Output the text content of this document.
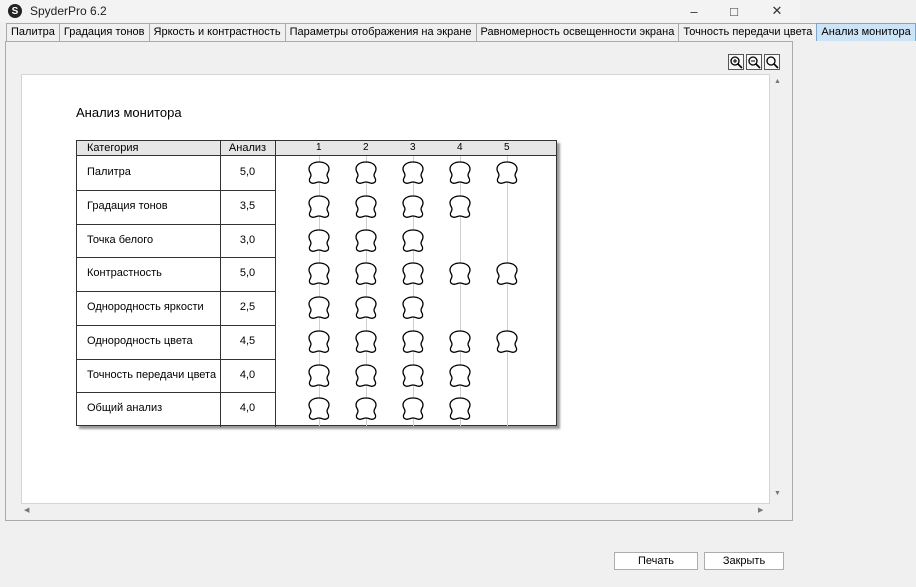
S SpyderPro 6.2	–	□	✕
Палитра Градация тонов Яркость и контрастность Параметры отображения на экране Равномерность освещенности экрана Точность передачи цвета Анализ монитора
▲
▼
◀	▶
Анализ монитора
Категория	Анализ	1	2	3	4	5
Палитра	5,0
Градация тонов	3,5
Точка белого	3,0
Контрастность	5,0
Однородность яркости	2,5
Однородность цвета	4,5
Точность передачи цвета	4,0
Общий анализ	4,0
Печать	Закрыть
